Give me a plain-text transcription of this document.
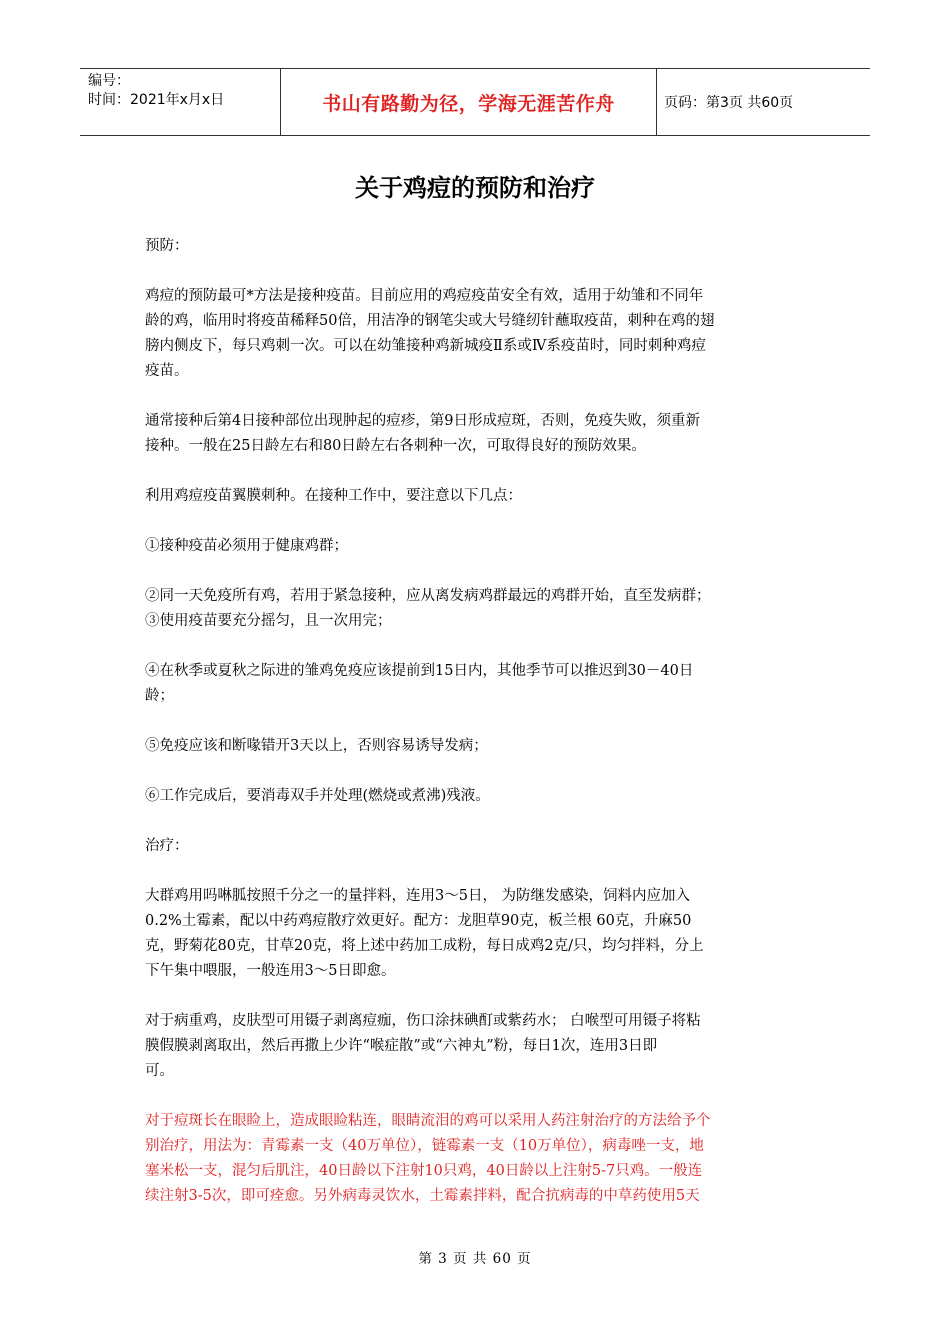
编号：
时间：2021年x月x日	书山有路勤为径，学海无涯苦作舟	页码：第3页 共60页
关于鸡痘的预防和治疗
预防：
鸡痘的预防最可*方法是接种疫苗。目前应用的鸡痘疫苗安全有效，适用于幼雏和不同年
龄的鸡，临用时将疫苗稀释50倍，用洁净的钢笔尖或大号缝纫针蘸取疫苗，刺种在鸡的翅
膀内侧皮下，每只鸡刺一次。可以在幼雏接种鸡新城疫Ⅱ系或Ⅳ系疫苗时，同时刺种鸡痘
疫苗。
通常接种后第4日接种部位出现肿起的痘疹，第9日形成痘斑，否则，免疫失败，须重新
接种。一般在25日龄左右和80日龄左右各刺种一次，可取得良好的预防效果。
利用鸡痘疫苗翼膜刺种。在接种工作中，要注意以下几点：
①接种疫苗必须用于健康鸡群；
②同一天免疫所有鸡，若用于紧急接种，应从离发病鸡群最远的鸡群开始，直至发病群；
③使用疫苗要充分摇匀，且一次用完；
④在秋季或夏秋之际进的雏鸡免疫应该提前到15日内，其他季节可以推迟到30－40日
龄；
⑤免疫应该和断喙错开3天以上，否则容易诱导发病；
⑥工作完成后，要消毒双手并处理(燃烧或煮沸)残液。
治疗：
大群鸡用吗啉胍按照千分之一的量拌料，连用3～5日， 为防继发感染，饲料内应加入
0.2%土霉素，配以中药鸡痘散疗效更好。配方：龙胆草90克，板兰根 60克，升麻50
克，野菊花80克，甘草20克，将上述中药加工成粉，每日成鸡2克/只，均匀拌料，分上
下午集中喂服，一般连用3～5日即愈。
对于病重鸡，皮肤型可用镊子剥离痘痂，伤口涂抹碘酊或紫药水； 白喉型可用镊子将粘
膜假膜剥离取出，然后再撒上少许“喉症散”或“六神丸”粉，每日1次，连用3日即
可。
对于痘斑长在眼睑上，造成眼睑粘连，眼睛流泪的鸡可以采用人药注射治疗的方法给予个
别治疗，用法为：青霉素一支（40万单位），链霉素一支（10万单位），病毒唑一支，地
塞米松一支，混匀后肌注，40日龄以下注射10只鸡，40日龄以上注射5-7只鸡。一般连
续注射3-5次，即可痊愈。另外病毒灵饮水，土霉素拌料，配合抗病毒的中草药使用5天
第 3 页 共 60 页
